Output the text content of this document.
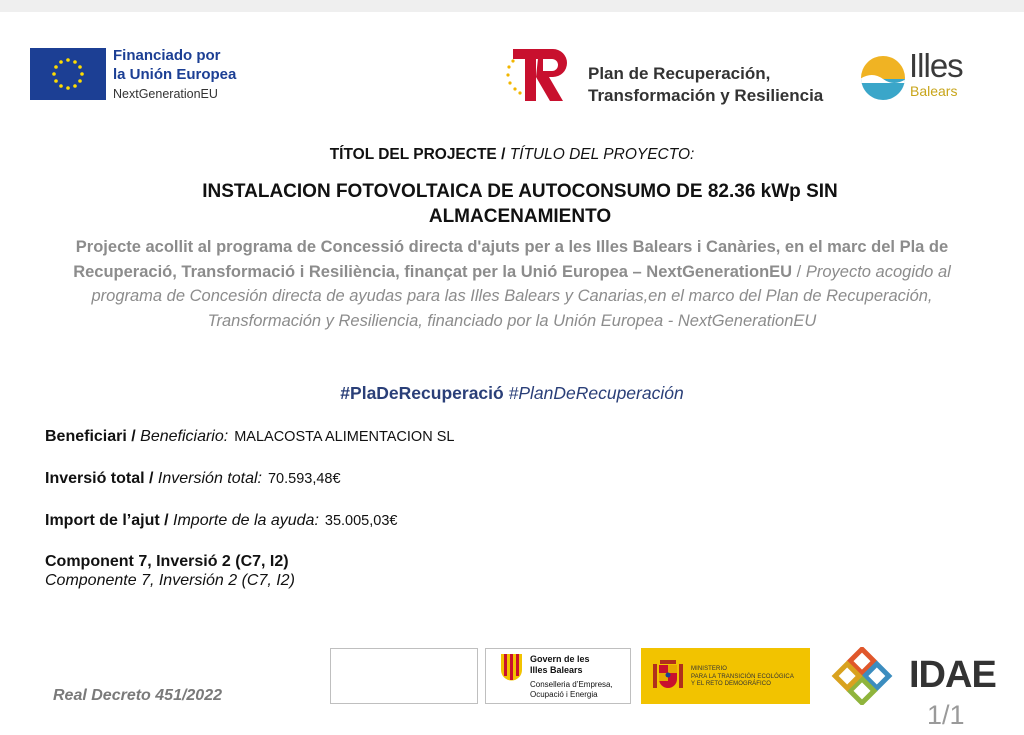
Financiado por
la Unión Europea
NextGenerationEU
Plan de Recuperación,
Transformación y Resiliencia
Illes
Balears
TÍTOL DEL PROJECTE / TÍTULO DEL PROYECTO:
INSTALACION FOTOVOLTAICA DE AUTOCONSUMO DE 82.36 kWp SIN ALMACENAMIENTO
Projecte acollit al programa de Concessió directa d'ajuts per a les Illes Balears i Canàries, en el marc del Pla de Recuperació, Transformació i Resiliència, finançat per la Unió Europea – NextGenerationEU / Proyecto acogido al programa de Concesión directa de ayudas para las Illes Balears y Canarias,en el marco del Plan de Recuperación, Transformación y Resiliencia, financiado por la Unión Europea - NextGenerationEU
#PlaDeRecuperació #PlanDeRecuperación
Beneficiari / Beneficiario: MALACOSTA ALIMENTACION SL
Inversió total / Inversión total: 70.593,48€
Import de l’ajut / Importe de la ayuda: 35.005,03€
Component 7, Inversió 2 (C7, I2)
Componente 7, Inversión 2 (C7, I2)
Real Decreto 451/2022
Govern de les
Illes Balears
Conselleria d’Empresa,
Ocupació i Energia
MINISTERIO
PARA LA TRANSICIÓN ECOLÓGICA
Y EL RETO DEMOGRÁFICO	IDAE
1/1
